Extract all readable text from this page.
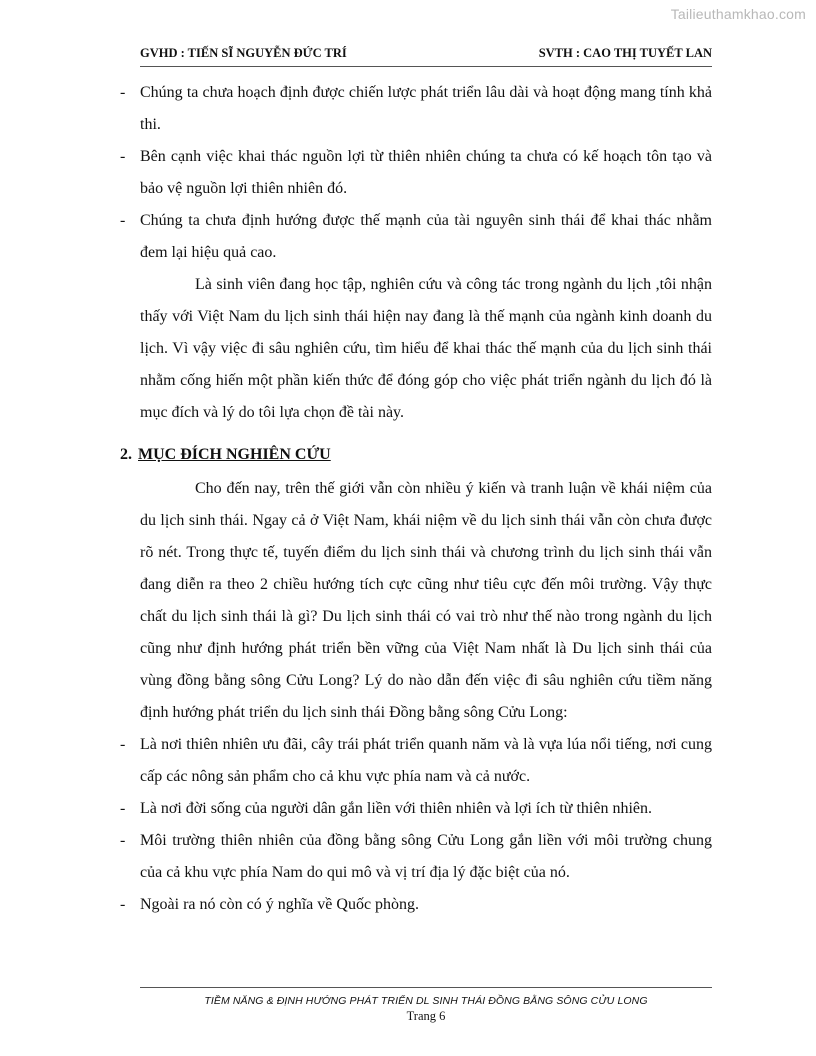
Tailieuthamkhao.com
GVHD : TIẾN SĨ NGUYỄN ĐỨC TRÍ	SVTH : CAO THỊ TUYẾT LAN
- Chúng ta chưa hoạch định được chiến lược phát triển lâu dài và hoạt động mang tính khả thi.
- Bên cạnh việc khai thác nguồn lợi từ thiên nhiên chúng ta chưa có kế hoạch tôn tạo và bảo vệ nguồn lợi thiên nhiên đó.
- Chúng ta chưa định hướng được thế mạnh của tài nguyên sinh thái để khai thác nhằm đem lại hiệu quả cao.
Là sinh viên đang học tập, nghiên cứu và công tác trong ngành du lịch ,tôi nhận thấy với Việt Nam du lịch sinh thái hiện nay đang là thế mạnh của ngành kinh doanh du lịch. Vì vậy việc đi sâu nghiên cứu, tìm hiểu để khai thác thế mạnh của du lịch sinh thái nhằm cống hiến một phần kiến thức để đóng góp cho việc phát triển ngành du lịch đó là mục đích và lý do tôi lựa chọn đề tài này.
2. MỤC ĐÍCH NGHIÊN CỨU
Cho đến nay, trên thế giới vẫn còn nhiều ý kiến và tranh luận về khái niệm của du lịch sinh thái. Ngay cả ở Việt Nam, khái niệm về du lịch sinh thái vẫn còn chưa được rõ nét. Trong thực tế, tuyến điểm du lịch sinh thái và chương trình du lịch sinh thái vẫn đang diễn ra theo 2 chiều hướng tích cực cũng như tiêu cực đến môi trường. Vậy thực chất du lịch sinh thái là gì? Du lịch sinh thái có vai trò như thế nào trong ngành du lịch cũng như định hướng phát triển bền vững của Việt Nam nhất là Du lịch sinh thái của vùng đồng bằng sông Cửu Long? Lý do nào dẫn đến việc đi sâu nghiên cứu tiềm năng định hướng phát triển du lịch sinh thái Đồng bằng sông Cửu Long:
- Là nơi thiên nhiên ưu đãi, cây trái phát triển quanh năm và là vựa lúa nổi tiếng, nơi cung cấp các nông sản phẩm cho cả khu vực phía nam và cả nước.
- Là nơi đời sống của người dân gắn liền với thiên nhiên và lợi ích từ thiên nhiên.
- Môi trường thiên nhiên của đồng bằng sông Cửu Long gắn liền với môi trường chung của cả khu vực phía Nam do qui mô và vị trí địa lý đặc biệt của nó.
- Ngoài ra nó còn có ý nghĩa về Quốc phòng.
TIỀM NĂNG & ĐỊNH HƯỚNG PHÁT TRIỂN DL SINH THÁI ĐỒNG BẰNG SÔNG CỬU LONG
Trang 6
